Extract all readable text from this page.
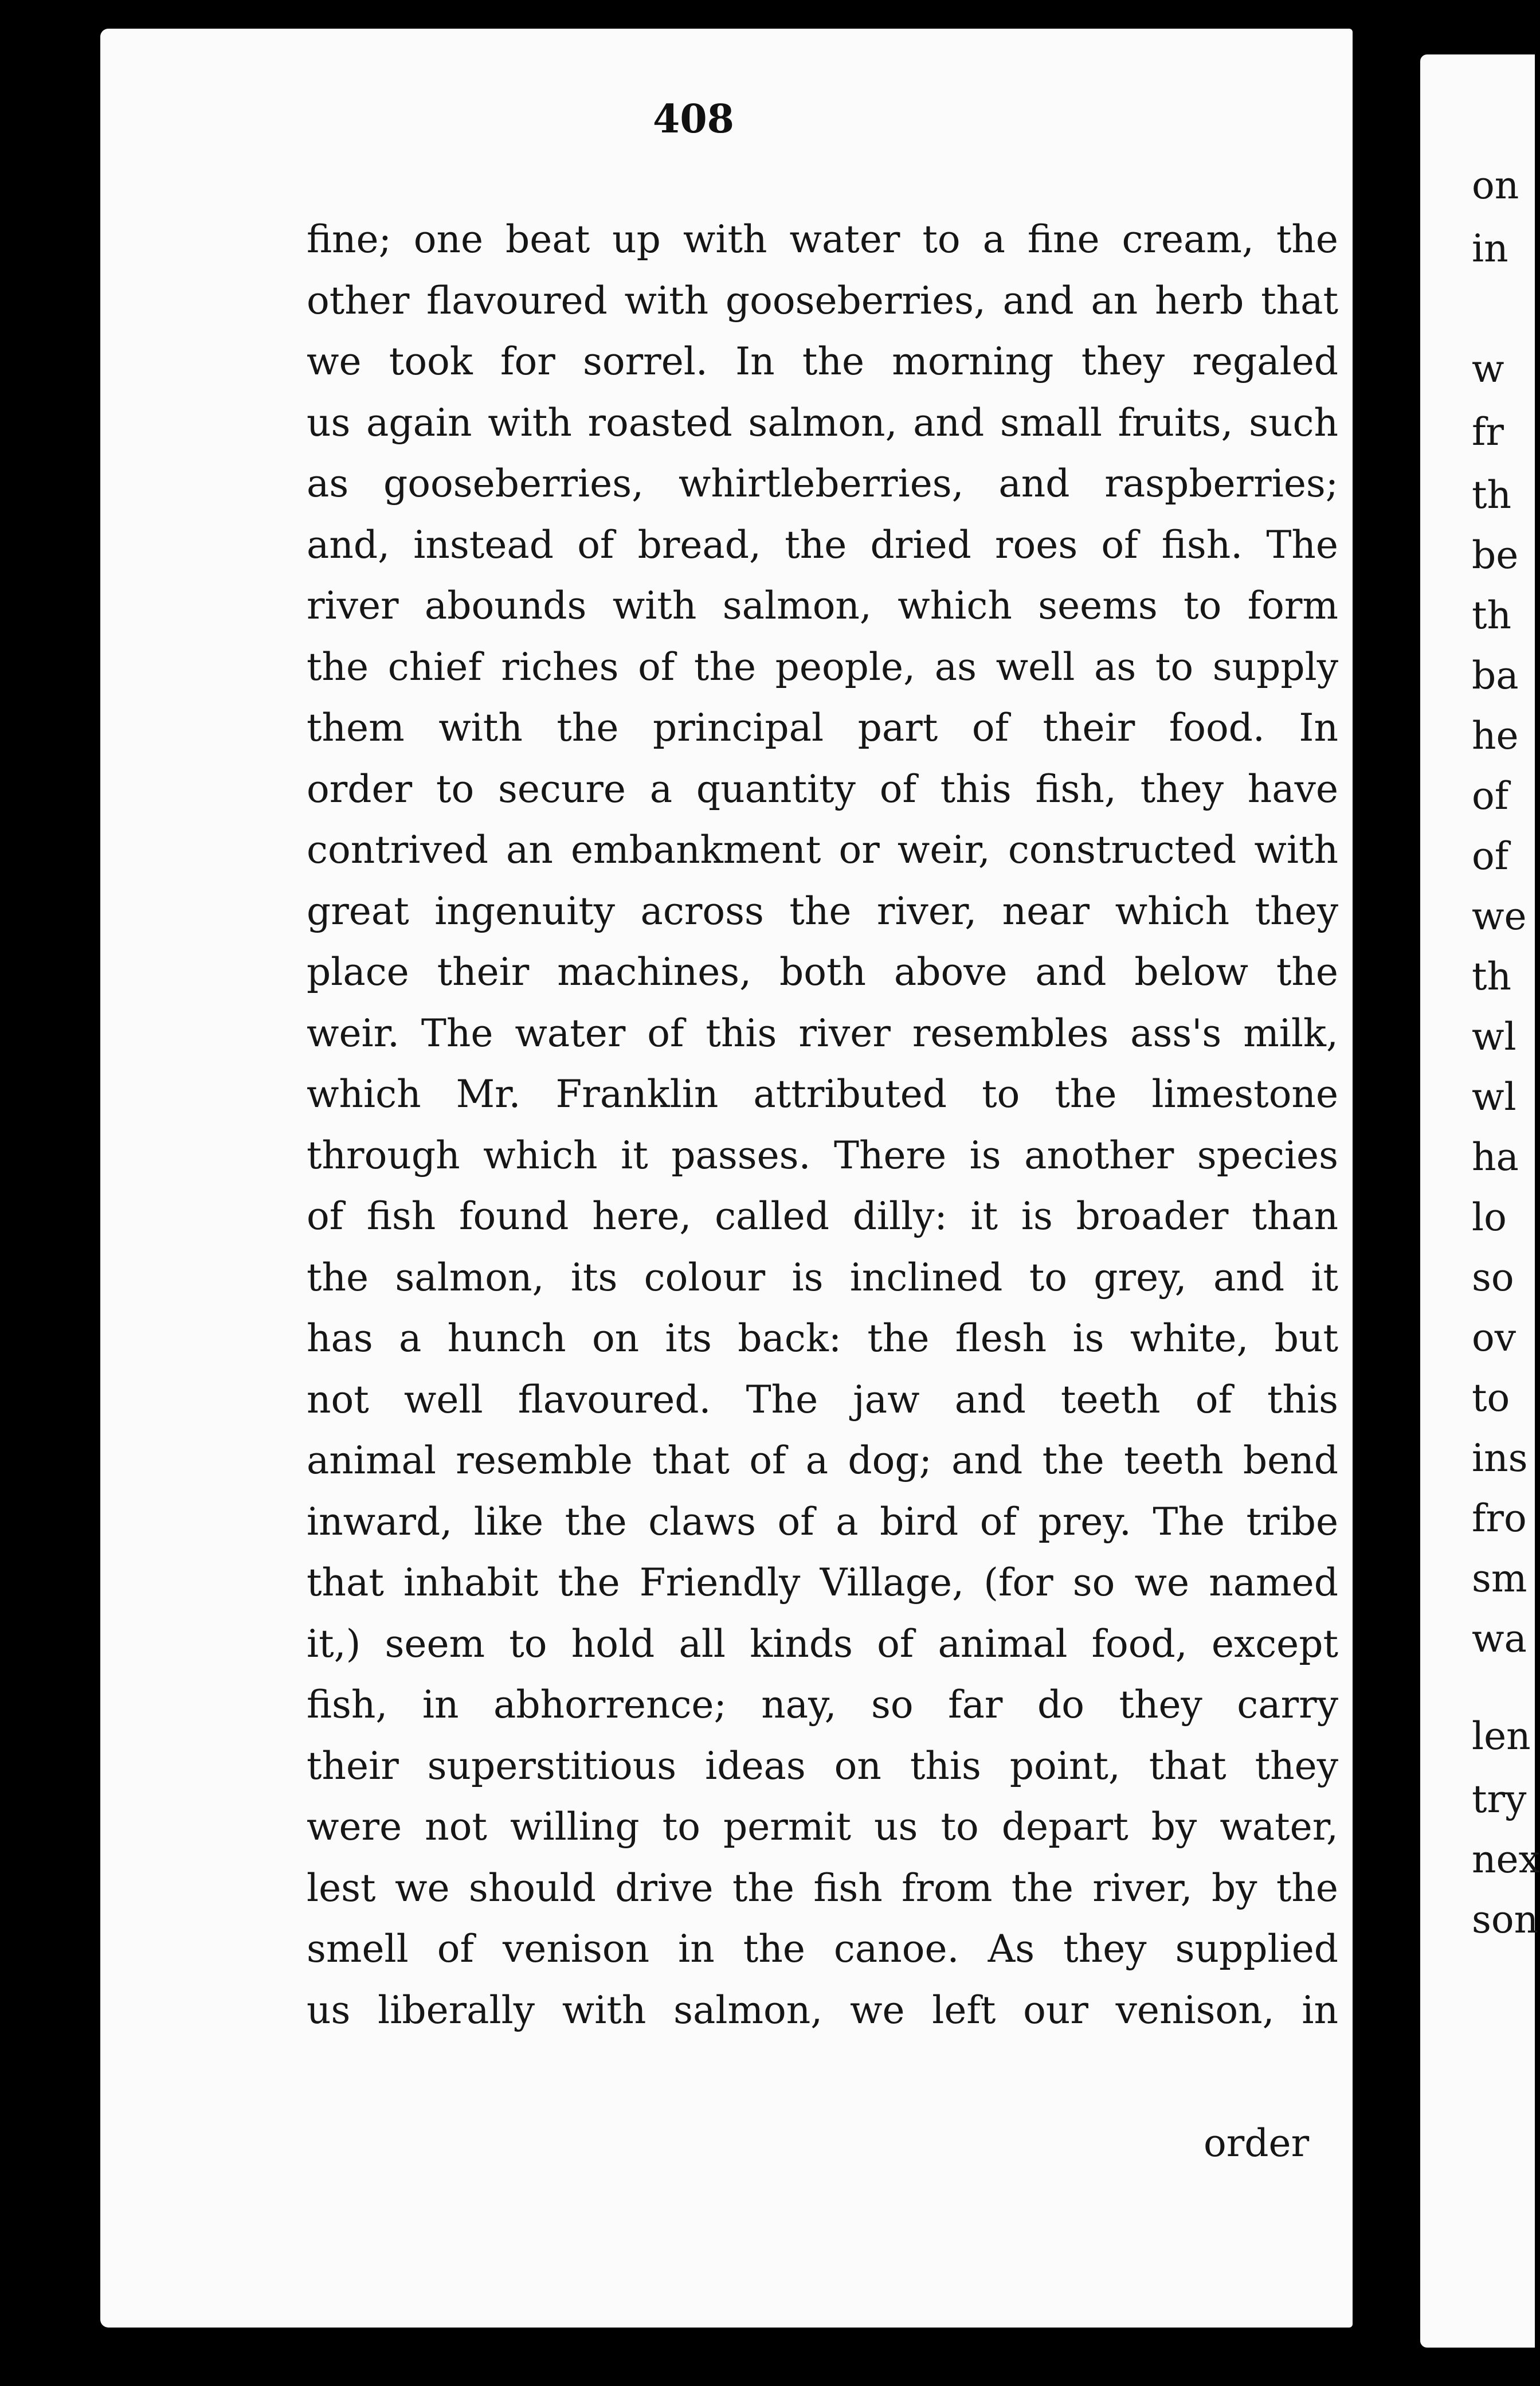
408
fine; one beat up with water to a fine cream, the
other flavoured with gooseberries, and an herb that
we took for sorrel. In the morning they regaled
us again with roasted salmon, and small fruits, such
as gooseberries, whirtleberries, and raspberries;
and, instead of bread, the dried roes of fish. The
river abounds with salmon, which seems to form
the chief riches of the people, as well as to supply
them with the principal part of their food. In
order to secure a quantity of this fish, they have
contrived an embankment or weir, constructed with
great ingenuity across the river, near which they
place their machines, both above and below the
weir. The water of this river resembles ass's milk,
which Mr. Franklin attributed to the limestone
through which it passes. There is another species
of fish found here, called dilly: it is broader than
the salmon, its colour is inclined to grey, and it
has a hunch on its back: the flesh is white, but
not well flavoured. The jaw and teeth of this
animal resemble that of a dog; and the teeth bend
inward, like the claws of a bird of prey. The tribe
that inhabit the Friendly Village, (for so we named
it,) seem to hold all kinds of animal food, except
fish, in abhorrence; nay, so far do they carry
their superstitious ideas on this point, that they
were not willing to permit us to depart by water,
lest we should drive the fish from the river, by the
smell of venison in the canoe. As they supplied
us liberally with salmon, we left our venison, in
order
on
in
w
fr
th
be
th
ba
he
of
of
we
th
wl
wl
ha
lo
so
ov
to
ins
fro
sm
wa
len
try
nex
son
